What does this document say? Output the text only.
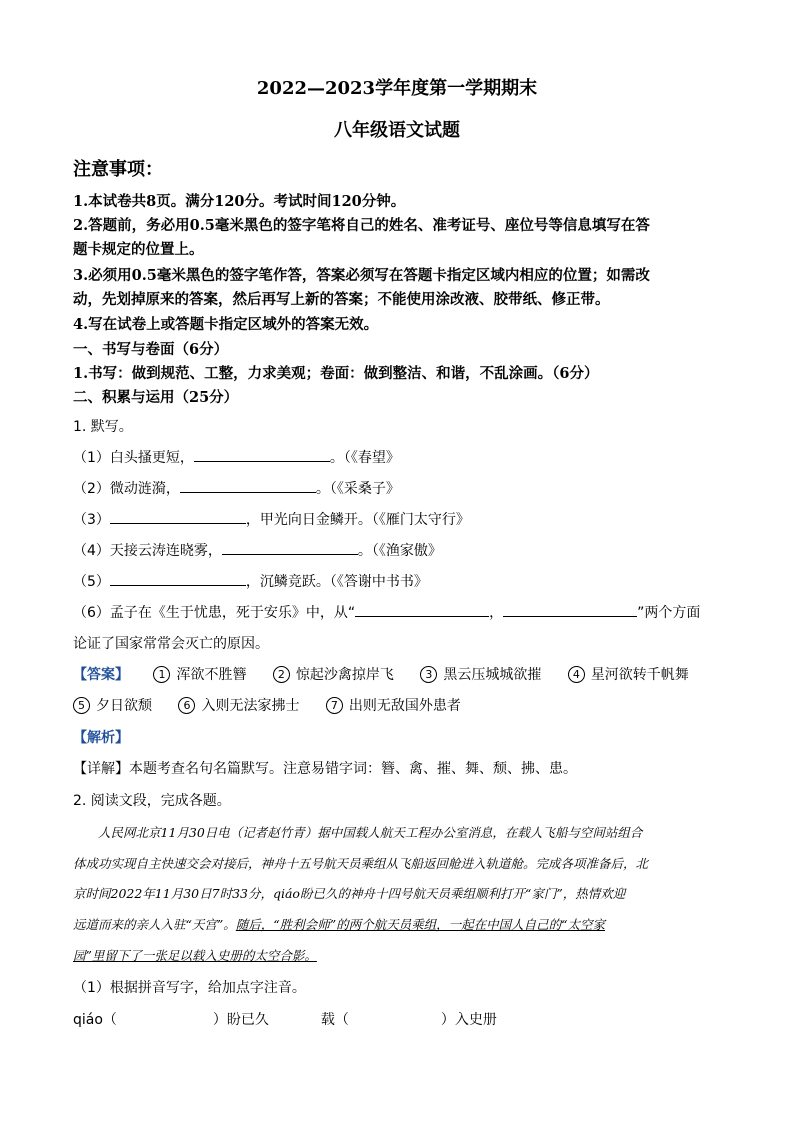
2022—2023学年度第一学期期末
八年级语文试题
注意事项：
1.本试卷共8页。满分120分。考试时间120分钟。
2.答题前，务必用0.5毫米黑色的签字笔将自己的姓名、准考证号、座位号等信息填写在答
题卡规定的位置上。
3.必须用0.5毫米黑色的签字笔作答，答案必须写在答题卡指定区域内相应的位置；如需改
动，先划掉原来的答案，然后再写上新的答案；不能使用涂改液、胶带纸、修正带。
4.写在试卷上或答题卡指定区域外的答案无效。
一、书写与卷面（6分）
1.书写：做到规范、工整，力求美观；卷面：做到整洁、和谐，不乱涂画。（6分）
二、积累与运用（25分）
1. 默写。
（1）白头搔更短，	。（《春望》
（2）微动涟漪，	。（《采桑子》
（3）	，甲光向日金鳞开。（《雁门太守行》
（4）天接云涛连晓雾，	。（《渔家傲》
（5）	，沉鳞竞跃。（《答谢中书书》
（6）孟子在《生于忧患，死于安乐》中，从“	，	”两个方面
论证了国家常常会灭亡的原因。
【答案】	1 浑欲不胜簪	2 惊起沙禽掠岸飞	3 黑云压城城欲摧	4 星河欲转千帆舞
5 夕日欲颓	6 入则无法家拂士	7 出则无敌国外患者
【解析】
【详解】本题考查名句名篇默写。注意易错字词：簪、禽、摧、舞、颓、拂、患。
2. 阅读文段，完成各题。
人民网北京11月30日电（记者赵竹青）据中国载人航天工程办公室消息，在载人飞船与空间站组合
体成功实现自主快速交会对接后，神舟十五号航天员乘组从飞船返回舱进入轨道舱。完成各项准备后，北
京时间2022年11月30日7时33分，qiáo盼已久的神舟十四号航天员乘组顺利打开“家门”，热情欢迎
远道而来的亲人入驻“天宫”。随后，“胜利会师”的两个航天员乘组，一起在中国人自己的“太空家
园”里留下了一张足以载入史册的太空合影。
（1）根据拼音写字，给加点字注音。
qiáo（	）盼已久	载（	）入史册
